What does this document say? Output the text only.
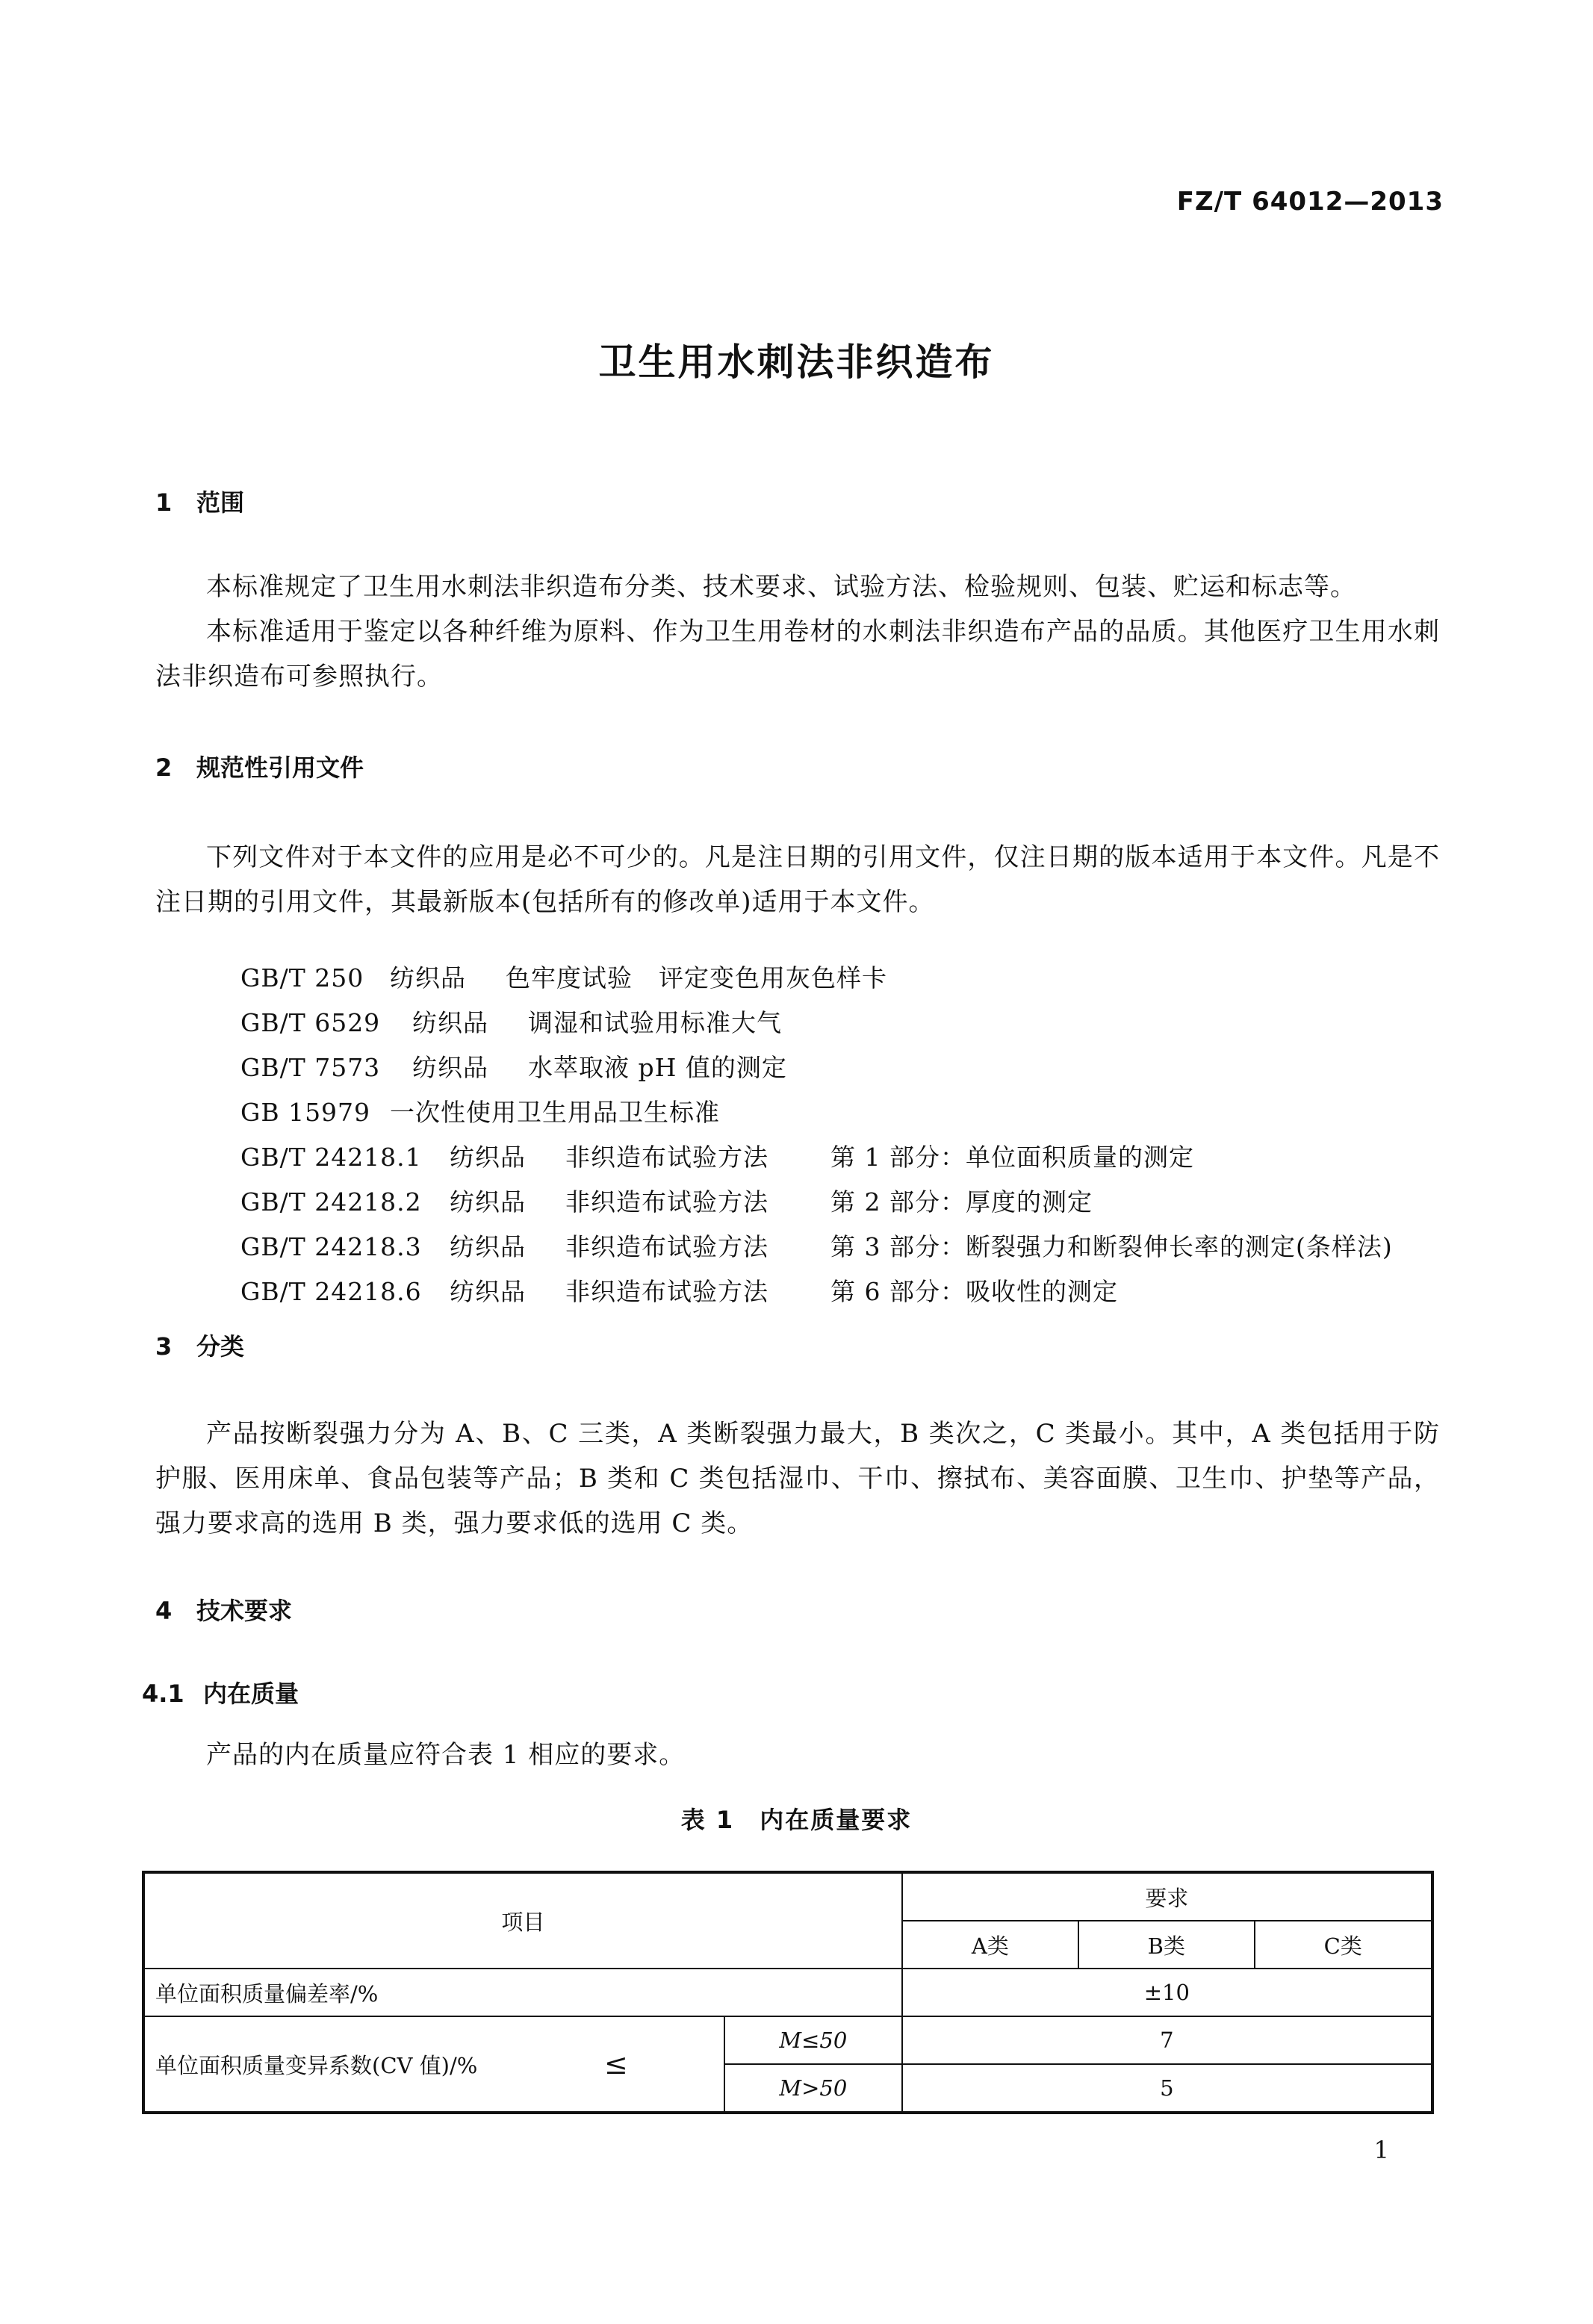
FZ/T 64012—2013
卫生用水刺法非织造布
1 范围
本标准规定了卫生用水刺法非织造布分类、技术要求、试验方法、检验规则、包装、贮运和标志等。
本标准适用于鉴定以各种纤维为原料、作为卫生用卷材的水刺法非织造布产品的品质。其他医疗卫生用水刺法非织造布可参照执行。
2 规范性引用文件
下列文件对于本文件的应用是必不可少的。凡是注日期的引用文件，仅注日期的版本适用于本文件。凡是不注日期的引用文件，其最新版本(包括所有的修改单)适用于本文件。

GB/T 250 纺织品 色牢度试验 评定变色用灰色样卡

GB/T 6529 纺织品 调湿和试验用标准大气

GB/T 7573 纺织品 水萃取液 pH 值的测定

GB 15979 一次性使用卫生用品卫生标准

GB/T 24218.1 纺织品 非织造布试验方法	第 1 部分：单位面积质量的测定

GB/T 24218.2 纺织品 非织造布试验方法	第 2 部分：厚度的测定

GB/T 24218.3 纺织品 非织造布试验方法	第 3 部分：断裂强力和断裂伸长率的测定(条样法)

GB/T 24218.6 纺织品 非织造布试验方法	第 6 部分：吸收性的测定

3 分类
产品按断裂强力分为 A、B、C 三类，A 类断裂强力最大，B 类次之，C 类最小。其中，A 类包括用于防护服、医用床单、食品包装等产品；B 类和 C 类包括湿巾、干巾、擦拭布、美容面膜、卫生巾、护垫等产品，强力要求高的选用 B 类，强力要求低的选用 C 类。
4 技术要求
4.1 内在质量
产品的内在质量应符合表 1 相应的要求。
表 1　内在质量要求
项目			要求		
			A类	B类	C类
单位面积质量偏差率/%			±10		
单位面积质量变异系数(CV 值)/%	≤	M≤50	7		
		M>50	5		
1
